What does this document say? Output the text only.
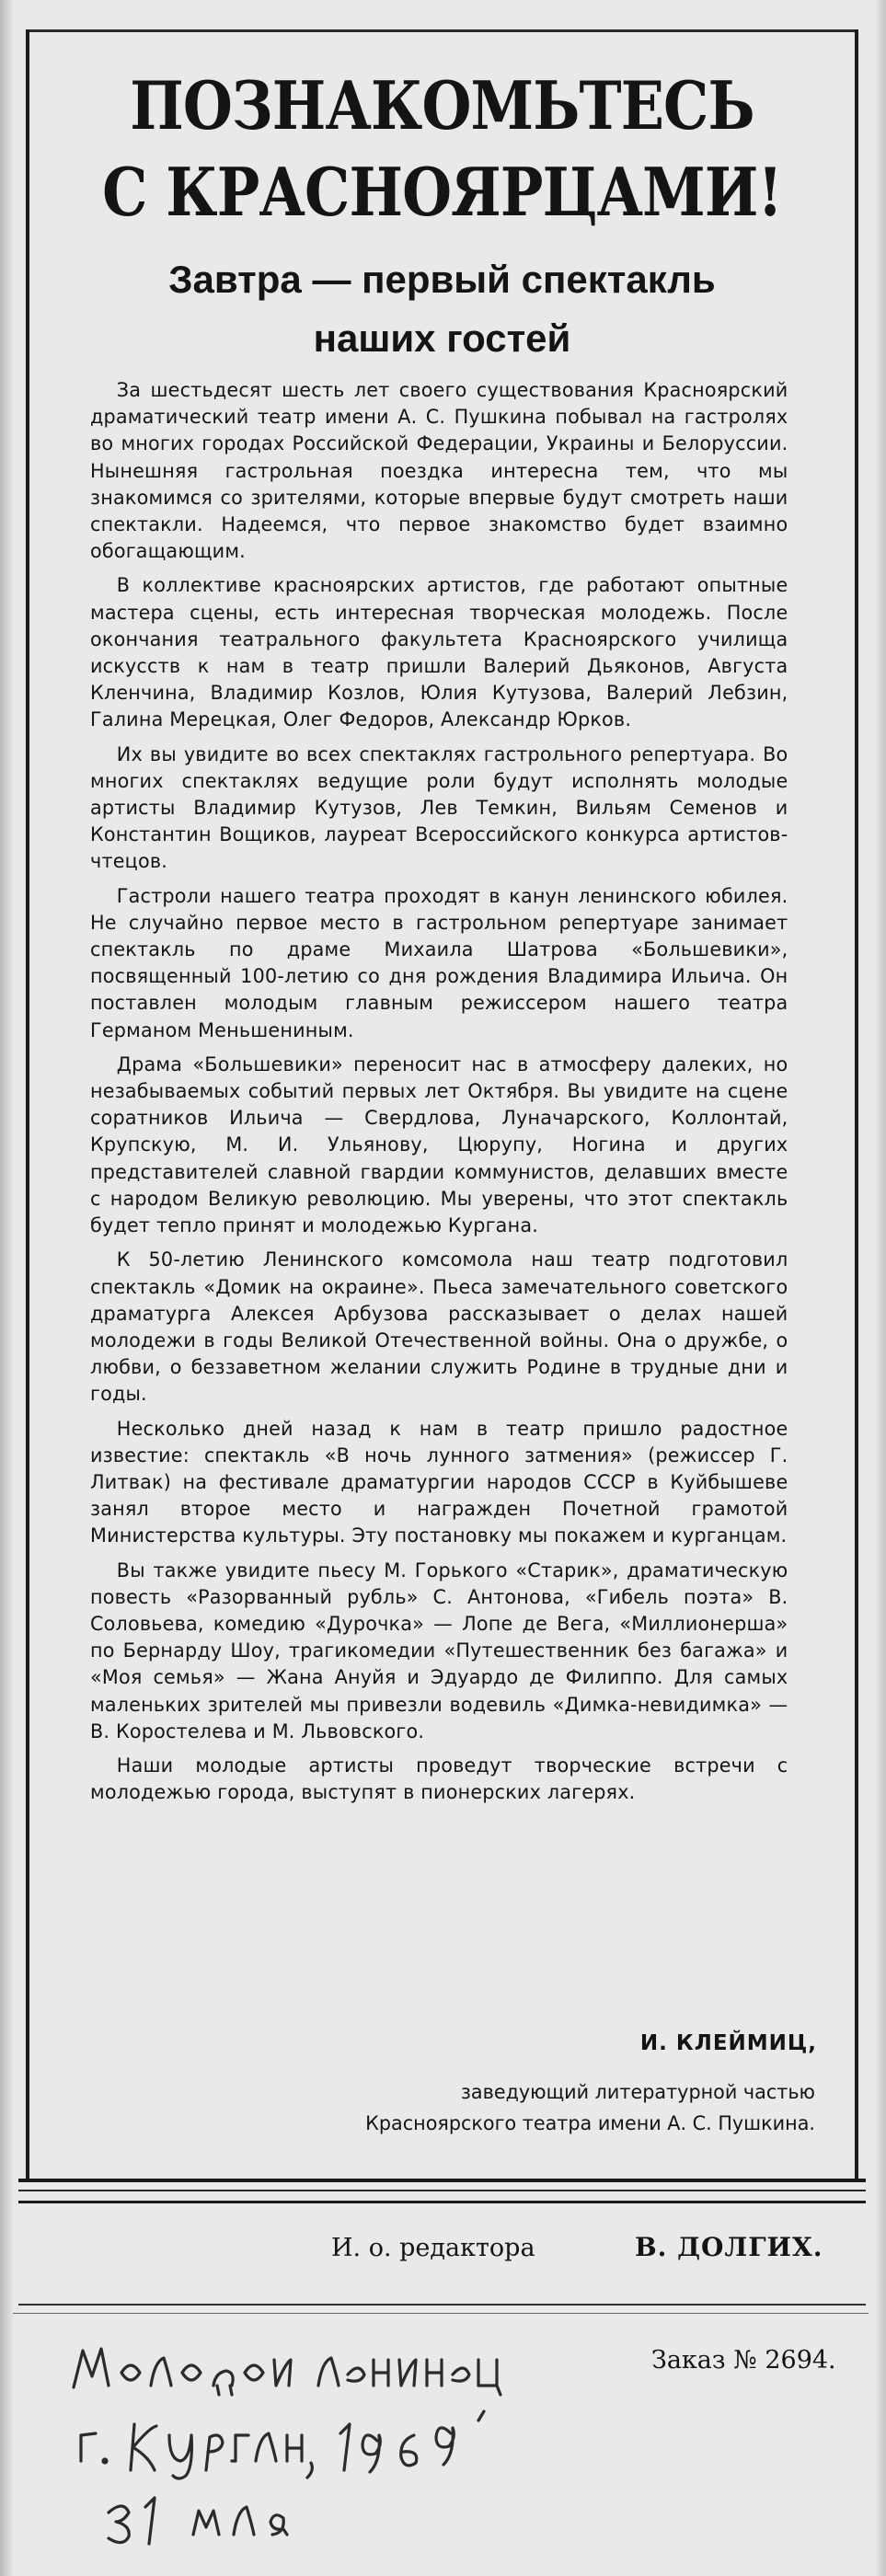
ПОЗНАКОМЬТЕСЬ
С КРАСНОЯРЦАМИ!
Завтра — первый спектакль
наших гостей

За шестьдесят шесть лет своего существования Красноярский драматический театр имени А. С. Пушкина побывал на гастролях во многих городах Российской Федерации, Украины и Белоруссии. Нынешняя гастрольная поездка интересна тем, что мы знакомимся со зрителями, которые впервые будут смотреть наши спектакли. Надеемся, что первое знакомство будет взаимно обогащающим.

В коллективе красноярских артистов, где работают опытные мастера сцены, есть интересная творческая молодежь. После окончания театрального факультета Красноярского училища искусств к нам в театр пришли Валерий Дьяконов, Августа Кленчина, Владимир Козлов, Юлия Кутузова, Валерий Лебзин, Галина Мерецкая, Олег Федоров, Александр Юрков.

Их вы увидите во всех спектаклях гастрольного репертуара. Во многих спектаклях ведущие роли будут исполнять молодые артисты Владимир Кутузов, Лев Темкин, Вильям Семенов и Константин Вощиков, лауреат Всероссийского конкурса артистов-чтецов.

Гастроли нашего театра проходят в канун ленинского юбилея. Не случайно первое место в гастрольном репертуаре занимает спектакль по драме Михаила Шатрова «Большевики», посвященный 100-летию со дня рождения Владимира Ильича. Он поставлен молодым главным режиссером нашего театра Германом Меньшениным.

Драма «Большевики» переносит нас в атмосферу далеких, но незабываемых событий первых лет Октября. Вы увидите на сцене соратников Ильича — Свердлова, Луначарского, Коллонтай, Крупскую, М. И. Ульянову, Цюрупу, Ногина и других представителей славной гвардии коммунистов, делавших вместе с народом Великую революцию. Мы уверены, что этот спектакль будет тепло принят и молодежью Кургана.

К 50-летию Ленинского комсомола наш театр подготовил спектакль «Домик на окраине». Пьеса замечательного советского драматурга Алексея Арбузова рассказывает о делах нашей молодежи в годы Великой Отечественной войны. Она о дружбе, о любви, о беззаветном желании служить Родине в трудные дни и годы.

Несколько дней назад к нам в театр пришло радостное известие: спектакль «В ночь лунного затмения» (режиссер Г. Литвак) на фестивале драматургии народов СССР в Куйбышеве занял второе место и награжден Почетной грамотой Министерства культуры. Эту постановку мы покажем и курганцам.

Вы также увидите пьесу М. Горького «Старик», драматическую повесть «Разорванный рубль» С. Антонова, «Гибель поэта» В. Соловьева, комедию «Дурочка» — Лопе де Вега, «Миллионерша» по Бернарду Шоу, трагикомедии «Путешественник без багажа» и «Моя семья» — Жана Ануйя и Эдуардо де Филиппо. Для самых маленьких зрителей мы привезли водевиль «Димка-невидимка» — В. Коростелева и М. Львовского.

Наши молодые артисты проведут творческие встречи с молодежью города, выступят в пионерских лагерях.

И. КЛЕЙМИЦ,
заведующий литературной частью
Красноярского театра имени А. С. Пушкина.
И. о. редактора	В. ДОЛГИХ.
Заказ № 2694.
